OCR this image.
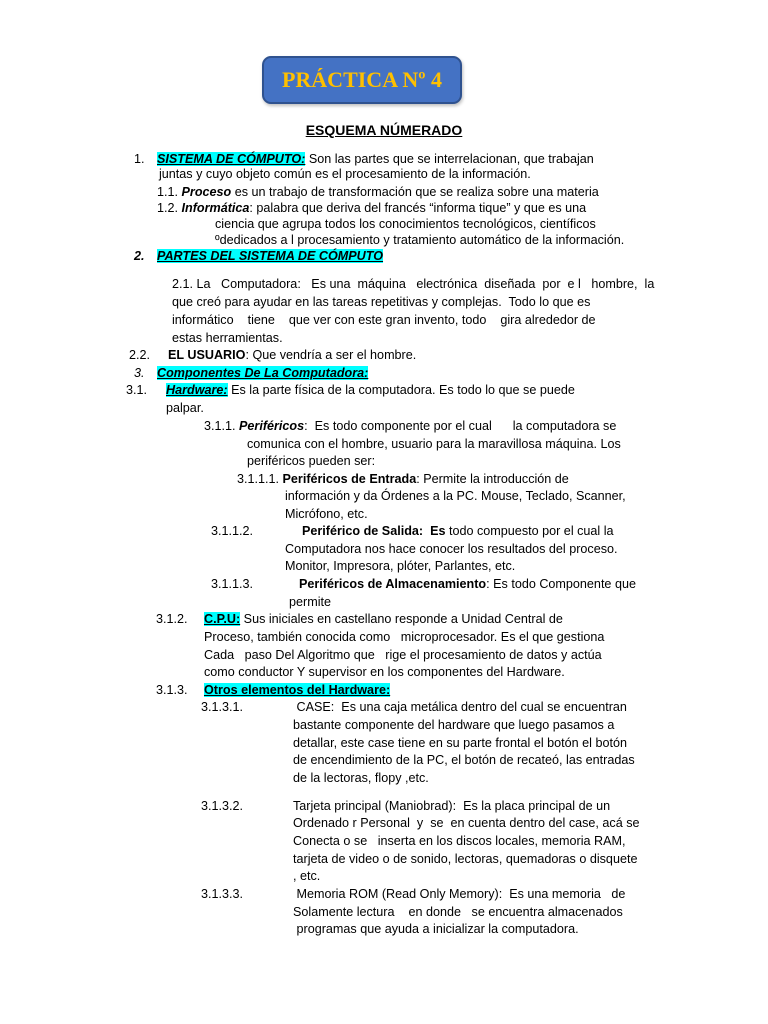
PRÁCTICA Nº 4
ESQUEMA NÚMERADO
1. SISTEMA DE CÓMPUTO: Son las partes que se interrelacionan, que trabajan
juntas y cuyo objeto común es el procesamiento de la información.
1.1. Proceso es un trabajo de transformación que se realiza sobre una materia
1.2. Informática: palabra que deriva del francés “informa tique” y que es una
ciencia que agrupa todos los conocimientos tecnológicos, científicos
ºdedicados a l procesamiento y tratamiento automático de la información.
2. PARTES DEL SISTEMA DE CÓMPUTO
2.1. La   Computadora:   Es una  máquina   electrónica  diseñada  por  e l   hombre,  la
que creó para ayudar en las tareas repetitivas y complejas.  Todo lo que es
informático    tiene    que ver con este gran invento, todo    gira alrededor de
estas herramientas.
2.2. EL USUARIO: Que vendría a ser el hombre.
3. Componentes De La Computadora:
3.1. Hardware: Es la parte física de la computadora. Es todo lo que se puede
palpar.
3.1.1. Periféricos:  Es todo componente por el cual      la computadora se
comunica con el hombre, usuario para la maravillosa máquina. Los
periféricos pueden ser:
3.1.1.1. Periféricos de Entrada: Permite la introducción de
información y da Órdenes a la PC. Mouse, Teclado, Scanner,
Micrófono, etc.
3.1.1.2.	Periférico de Salida:  Es todo compuesto por el cual la
Computadora nos hace conocer los resultados del proceso.
Monitor, Impresora, plóter, Parlantes, etc.
3.1.1.3.	Periféricos de Almacenamiento: Es todo Componente que
permite
3.1.2. C.P.U: Sus iniciales en castellano responde a Unidad Central de
Proceso, también conocida como   microprocesador. Es el que gestiona
Cada   paso Del Algoritmo que   rige el procesamiento de datos y actúa
como conductor Y supervisor en los componentes del Hardware.
3.1.3. Otros elementos del Hardware:
3.1.3.1.	CASE:  Es una caja metálica dentro del cual se encuentran
bastante componente del hardware que luego pasamos a
detallar, este case tiene en su parte frontal el botón el botón
de encendimiento de la PC, el botón de recateó, las entradas
de la lectoras, flopy ,etc.
3.1.3.2.	Tarjeta principal (Maniobrad):  Es la placa principal de un
Ordenado r Personal  y  se  en cuenta dentro del case, acá se
Conecta o se   inserta en los discos locales, memoria RAM,
tarjeta de video o de sonido, lectoras, quemadoras o disquete
, etc.
3.1.3.3.	Memoria ROM (Read Only Memory):  Es una memoria   de
Solamente lectura    en donde   se encuentra almacenados
programas que ayuda a inicializar la computadora.
